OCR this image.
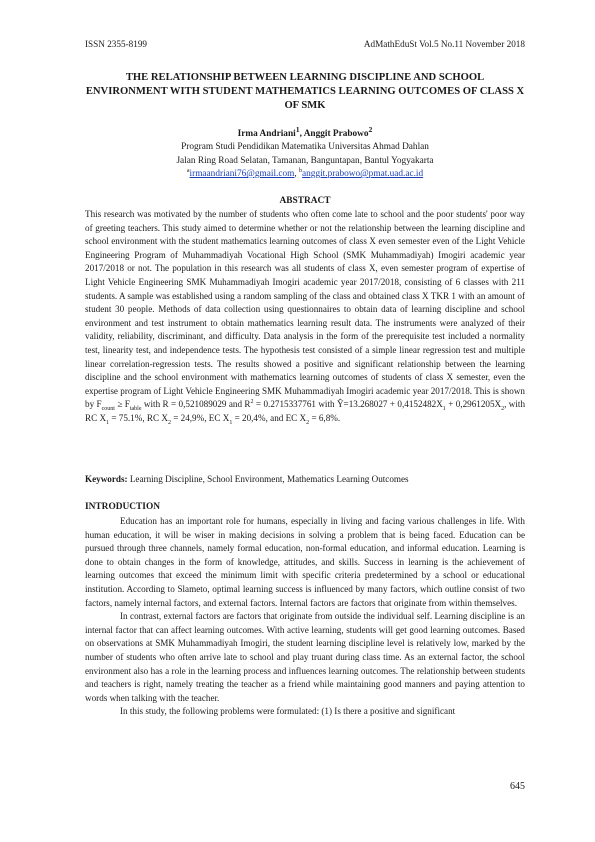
ISSN 2355-8199	AdMathEduSt Vol.5 No.11 November 2018
THE RELATIONSHIP BETWEEN LEARNING DISCIPLINE AND SCHOOL ENVIRONMENT WITH STUDENT MATHEMATICS LEARNING OUTCOMES OF CLASS X OF SMK
Irma Andriani$^1$, Anggit Prabowo$^2$
Program Studi Pendidikan Matematika Universitas Ahmad Dahlan
Jalan Ring Road Selatan, Tamanan, Banguntapan, Bantul Yogyakarta
$^a$irmaandriani76@gmail.com, $^b$anggit.prabowo@pmat.uad.ac.id
ABSTRACT
This research was motivated by the number of students who often come late to school and the poor students' poor way of greeting teachers. This study aimed to determine whether or not the relationship between the learning discipline and school environment with the student mathematics learning outcomes of class X even semester even of the Light Vehicle Engineering Program of Muhammadiyah Vocational High School (SMK Muhammadiyah) Imogiri academic year 2017/2018 or not. The population in this research was all students of class X, even semester program of expertise of Light Vehicle Engineering SMK Muhammadiyah Imogiri academic year 2017/2018, consisting of 6 classes with 211 students. A sample was established using a random sampling of the class and obtained class X TKR 1 with an amount of student 30 people. Methods of data collection using questionnaires to obtain data of learning discipline and school environment and test instrument to obtain mathematics learning result data. The instruments were analyzed of their validity, reliability, discriminant, and difficulty. Data analysis in the form of the prerequisite test included a normality test, linearity test, and independence tests. The hypothesis test consisted of a simple linear regression test and multiple linear correlation-regression tests. The results showed a positive and significant relationship between the learning discipline and the school environment with mathematics learning outcomes of students of class X semester, even the expertise program of Light Vehicle Engineering SMK Muhammadiyah Imogiri academic year 2017/2018. This is shown by $F_{count} \ge F_{table}$ with R = 0,521089029 and $R^2 = 0.2715337761$ with Ŷ=13.268027 + $0,4152482X_1 + 0,2961205X_2$, with RC $X_1 = 75.1\%$, RC $X_2 = 24,9\%$, EC $X_1 = 20,4\%$, and EC $X_2 = 6,8\%$.
Keywords: Learning Discipline, School Environment, Mathematics Learning Outcomes
INTRODUCTION

Education has an important role for humans, especially in living and facing various challenges in life. With human education, it will be wiser in making decisions in solving a problem that is being faced. Education can be pursued through three channels, namely formal education, non-formal education, and informal education. Learning is done to obtain changes in the form of knowledge, attitudes, and skills. Success in learning is the achievement of learning outcomes that exceed the minimum limit with specific criteria predetermined by a school or educational institution. According to Slameto, optimal learning success is influenced by many factors, which outline consist of two factors, namely internal factors, and external factors. Internal factors are factors that originate from within themselves.

In contrast, external factors are factors that originate from outside the individual self. Learning discipline is an internal factor that can affect learning outcomes. With active learning, students will get good learning outcomes. Based on observations at SMK Muhammadiyah Imogiri, the student learning discipline level is relatively low, marked by the number of students who often arrive late to school and play truant during class time. As an external factor, the school environment also has a role in the learning process and influences learning outcomes. The relationship between students and teachers is right, namely treating the teacher as a friend while maintaining good manners and paying attention to words when talking with the teacher.

In this study, the following problems were formulated: (1) Is there a positive and significant

645
